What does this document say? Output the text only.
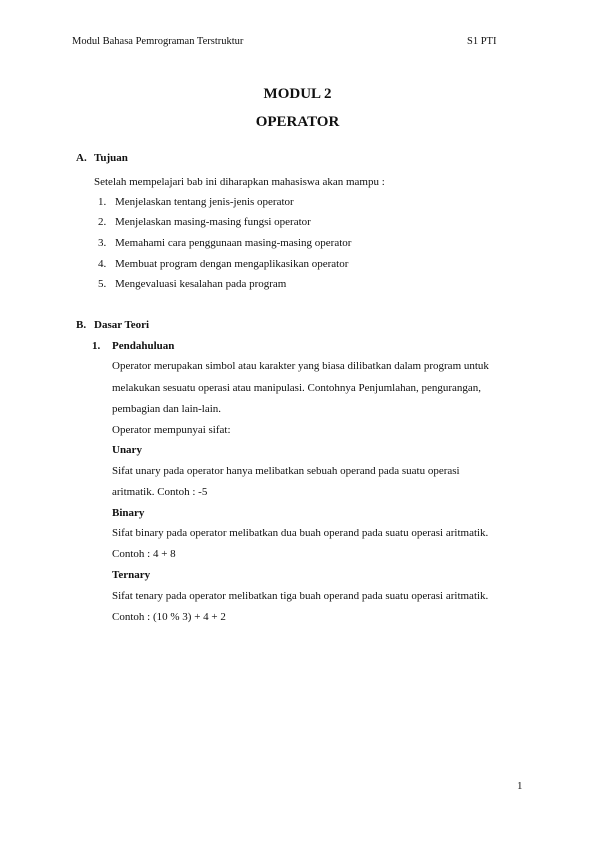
Modul Bahasa Pemrograman Terstruktur	S1 PTI
MODUL 2
OPERATOR
A. Tujuan
Setelah mempelajari bab ini diharapkan mahasiswa akan mampu :
1. Menjelaskan tentang jenis-jenis operator
2. Menjelaskan masing-masing fungsi operator
3. Memahami cara penggunaan masing-masing operator
4. Membuat program dengan mengaplikasikan operator
5. Mengevaluasi kesalahan pada program
B. Dasar Teori
1. Pendahuluan
Operator merupakan simbol atau karakter yang biasa dilibatkan dalam program untuk
melakukan sesuatu operasi atau manipulasi. Contohnya Penjumlahan, pengurangan,
pembagian dan lain-lain.
Operator mempunyai sifat:
Unary
Sifat unary pada operator hanya melibatkan sebuah operand pada suatu operasi
aritmatik. Contoh : -5
Binary
Sifat binary pada operator melibatkan dua buah operand pada suatu operasi aritmatik.
Contoh : 4 + 8
Ternary
Sifat tenary pada operator melibatkan tiga buah operand pada suatu operasi aritmatik.
Contoh : (10 % 3) + 4 + 2
1
